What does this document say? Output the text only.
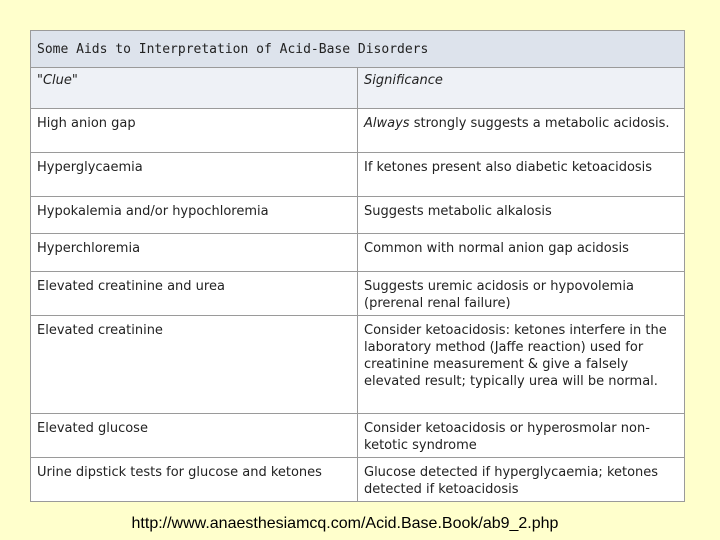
Some Aids to Interpretation of Acid-Base Disorders	
"Clue"	Significance
High anion gap	Always strongly suggests a metabolic acidosis.
Hyperglycaemia	If ketones present also diabetic ketoacidosis
Hypokalemia and/or hypochloremia	Suggests metabolic alkalosis
Hyperchloremia	Common with normal anion gap acidosis
Elevated creatinine and urea	Suggests uremic acidosis or hypovolemia (prerenal renal failure)
Elevated creatinine	Consider ketoacidosis: ketones interfere in the laboratory method (Jaffe reaction) used for creatinine measurement & give a falsely elevated result; typically urea will be normal.
Elevated glucose	Consider ketoacidosis or hyperosmolar non-ketotic syndrome
Urine dipstick tests for glucose and ketones	Glucose detected if hyperglycaemia; ketones detected if ketoacidosis
http://www.anaesthesiamcq.com/Acid.Base.Book/ab9_2.php
